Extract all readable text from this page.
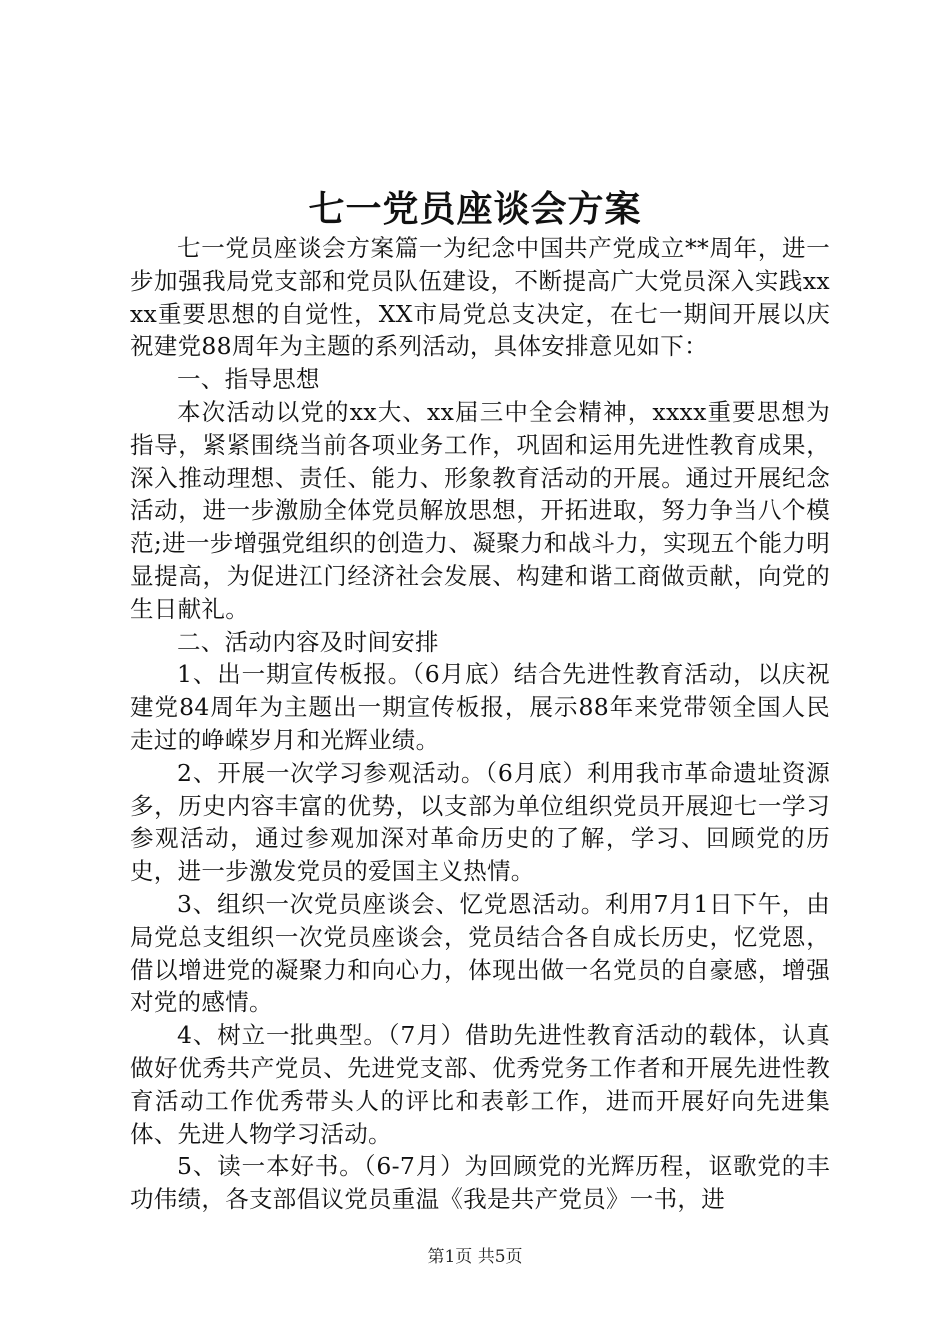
七一党员座谈会方案

七一党员座谈会方案篇一为纪念中国共产党成立**周年，进一步加强我局党支部和党员队伍建设，不断提高广大党员深入实践xxxx重要思想的自觉性，XX市局党总支决定，在七一期间开展以庆祝建党88周年为主题的系列活动，具体安排意见如下：

一、指导思想

本次活动以党的xx大、xx届三中全会精神，xxxx重要思想为指导，紧紧围绕当前各项业务工作，巩固和运用先进性教育成果，深入推动理想、责任、能力、形象教育活动的开展。通过开展纪念活动，进一步激励全体党员解放思想，开拓进取，努力争当八个模范;进一步增强党组织的创造力、凝聚力和战斗力，实现五个能力明显提高，为促进江门经济社会发展、构建和谐工商做贡献，向党的生日献礼。

二、活动内容及时间安排

1、出一期宣传板报。（6月底）结合先进性教育活动，以庆祝建党84周年为主题出一期宣传板报，展示88年来党带领全国人民走过的峥嵘岁月和光辉业绩。

2、开展一次学习参观活动。（6月底）利用我市革命遗址资源多，历史内容丰富的优势，以支部为单位组织党员开展迎七一学习参观活动，通过参观加深对革命历史的了解，学习、回顾党的历史，进一步激发党员的爱国主义热情。

3、组织一次党员座谈会、忆党恩活动。利用7月1日下午，由局党总支组织一次党员座谈会，党员结合各自成长历史，忆党恩，借以增进党的凝聚力和向心力，体现出做一名党员的自豪感，增强对党的感情。

4、树立一批典型。（7月）借助先进性教育活动的载体，认真做好优秀共产党员、先进党支部、优秀党务工作者和开展先进性教育活动工作优秀带头人的评比和表彰工作，进而开展好向先进集体、先进人物学习活动。

5、读一本好书。（6-7月）为回顾党的光辉历程，讴歌党的丰功伟绩，各支部倡议党员重温《我是共产党员》一书，进

第1页 共5页
